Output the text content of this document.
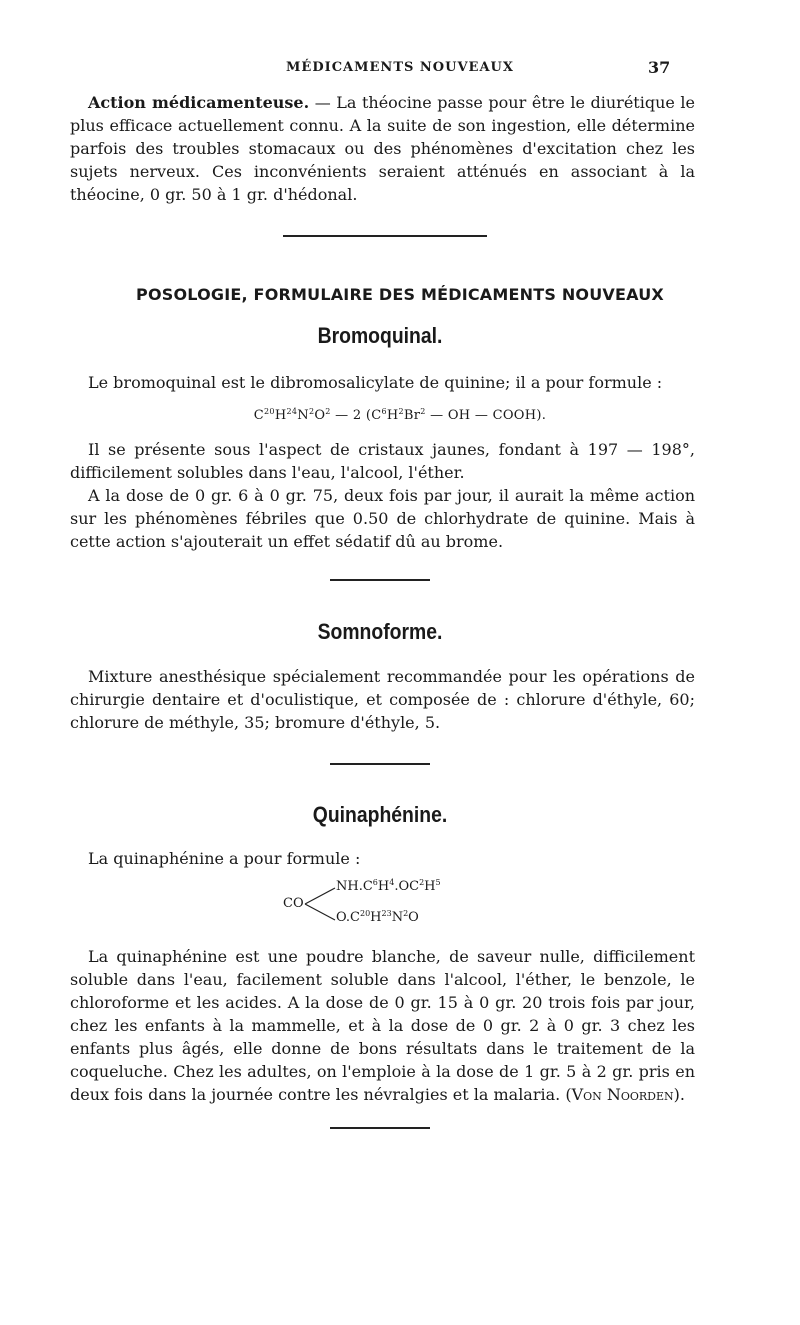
MÉDICAMENTS NOUVEAUX	37

Action médicamenteuse. — La théocine passe pour être le diurétique le plus efficace actuellement connu. A la suite de son ingestion, elle détermine parfois des troubles stomacaux ou des phénomènes d'excitation chez les sujets nerveux. Ces inconvénients seraient atténués en associant à la théocine, 0 gr. 50 à 1 gr. d'hédonal.

POSOLOGIE, FORMULAIRE DES MÉDICAMENTS NOUVEAUX
Bromoquinal.

Le bromoquinal est le dibromosalicylate de quinine; il a pour formule :

$C^{20}H^{24}N^2O^2$ — 2 ($C^6H^2Br^2$ — OH — COOH).

Il se présente sous l'aspect de cristaux jaunes, fondant à 197 — 198°, difficilement solubles dans l'eau, l'alcool, l'éther.

A la dose de 0 gr. 6 à 0 gr. 75, deux fois par jour, il aurait la même action sur les phénomènes fébriles que 0.50 de chlorhydrate de quinine. Mais à cette action s'ajouterait un effet sédatif dû au brome.

Somnoforme.

Mixture anesthésique spécialement recommandée pour les opérations de chirurgie dentaire et d'oculistique, et composée de : chlorure d'éthyle, 60; chlorure de méthyle, 35; bromure d'éthyle, 5.

Quinaphénine.

La quinaphénine a pour formule :

CO
$NH.C^6H^4.OC^2H^5$
$O.C^{20}H^{23}N^2O$

La quinaphénine est une poudre blanche, de saveur nulle, difficilement soluble dans l'eau, facilement soluble dans l'alcool, l'éther, le benzole, le chloroforme et les acides. A la dose de 0 gr. 15 à 0 gr. 20 trois fois par jour, chez les enfants à la mammelle, et à la dose de 0 gr. 2 à 0 gr. 3 chez les enfants plus âgés, elle donne de bons résultats dans le traitement de la coqueluche. Chez les adultes, on l'emploie à la dose de 1 gr. 5 à 2 gr. pris en deux fois dans la journée contre les névralgies et la malaria. (Von Noorden).
